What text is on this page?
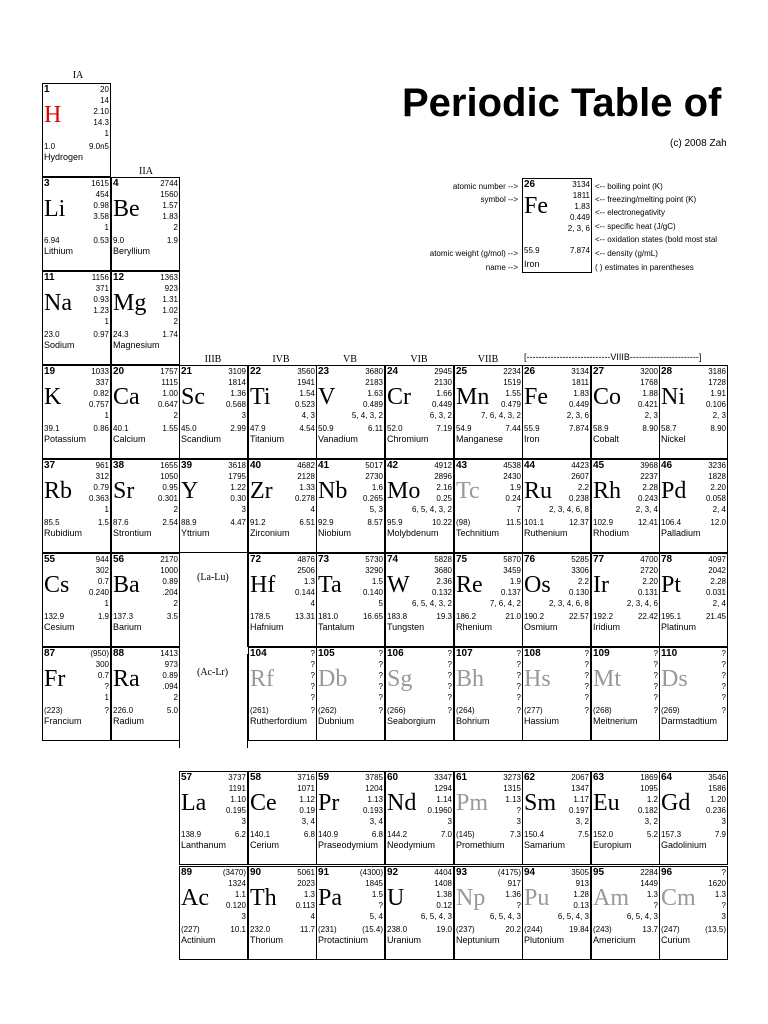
IA
IIA
IIIB	IVB	VB	VIB	VIIB	[----------------------------VIIIB-----------------------]
Periodic Table of
(c) 2008 Zah
atomic number -->
symbol -->
atomic weight (g/mol) -->
name -->
26	3134
Fe	1811
1.83
0.449
2, 3, 6
55.9	7.874
Iron
<-- boiling point (K)
<-- freezing/melting point (K)
<-- electronegativity
<-- specific heat (J/gC)
<-- oxidation states (bold most stal
<-- density (g/mL)
( ) estimates in parentheses
(La-Lu)
(Ac-Lr)
1	20
H
14
2.10
14.3
1
1.0	9.0n5
Hydrogen
3	1615
Li
454
0.98
3.58
1
6.94	0.53
Lithium
4	2744
Be
1560
1.57
1.83
2
9.0	1.9
Beryllium
11	1156
Na
371
0.93
1.23
1
23.0	0.97
Sodium
12	1363
Mg
923
1.31
1.02
2
24.3	1.74
Magnesium
19	1033
K
337
0.82
0.757
1
39.1	0.86
Potassium
20	1757
Ca
1115
1.00
0.647
2
40.1	1.55
Calcium
21	3109
Sc
1814
1.36
0.568
3
45.0	2.99
Scandium
22	3560
Ti
1941
1.54
0.523
4, 3
47.9	4.54
Titanium
23	3680
V
2183
1.63
0.489
5, 4, 3, 2
50.9	6.11
Vanadium
24	2945
Cr
2130
1.66
0.449
6, 3, 2
52.0	7.19
Chromium
25	2234
Mn
1519
1.55
0.479
7, 6, 4, 3, 2
54.9	7.44
Manganese
26	3134
Fe
1811
1.83
0.449
2, 3, 6
55.9	7.874
Iron
27	3200
Co
1768
1.88
0.421
2, 3
58.9	8.90
Cobalt
28	3186
Ni
1728
1.91
0.106
2, 3
58.7	8.90
Nickel
37	961
Rb
312
0.79
0.363
1
85.5	1.5
Rubidium
38	1655
Sr
1050
0.95
0.301
2
87.6	2.54
Strontium
39	3618
Y
1795
1.22
0.30
3
88.9	4.47
Yttrium
40	4682
Zr
2128
1.33
0.278
4
91.2	6.51
Zirconium
41	5017
Nb
2730
1.6
0.265
5, 3
92.9	8.57
Niobium
42	4912
Mo
2896
2.16
0.25
6, 5, 4, 3, 2
95.9	10.22
Molybdenum
43	4538
Tc
2430
1.9
0.24
7
(98)	11.5
Technitium
44	4423
Ru
2607
2.2
0.238
2, 3, 4, 6, 8
101.1	12.37
Ruthenium
45	3968
Rh
2237
2.28
0.243
2, 3, 4
102.9	12.41
Rhodium
46	3236
Pd
1828
2.20
0.058
2, 4
106.4	12.0
Palladium
55	944
Cs
302
0.7
0.240
1
132.9	1.9
Cesium
56	2170
Ba
1000
0.89
.204
2
137.3	3.5
Barium
72	4876
Hf
2506
1.3
0.144
4
178.5	13.31
Hafnium
73	5730
Ta
3290
1.5
0.140
5
181.0	16.65
Tantalum
74	5828
W
3680
2.36
0.132
6, 5, 4, 3, 2
183.8	19.3
Tungsten
75	5870
Re
3459
1.9
0.137
7, 6, 4, 2
186.2	21.0
Rhenium
76	5285
Os
3306
2.2
0.130
2, 3, 4, 6, 8
190.2	22.57
Osmium
77	4700
Ir
2720
2.20
0.131
2, 3, 4, 6
192.2	22.42
Iridium
78	4097
Pt
2042
2.28
0.031
2, 4
195.1	21.45
Platinum
87	(950)
Fr
300
0.7
?
1
(223)	?
Francium
88	1413
Ra
973
0.89
.094
2
226.0	5.0
Radium
104	?
Rf
?
?
?
?
(261)	?
Rutherfordium
105	?
Db
?
?
?
?
(262)	?
Dubnium
106	?
Sg
?
?
?
?
(266)	?
Seaborgium
107	?
Bh
?
?
?
?
(264)	?
Bohrium
108	?
Hs
?
?
?
?
(277)	?
Hassium
109	?
Mt
?
?
?
?
(268)	?
Meitnerium
110	?
Ds
?
?
?
?
(269)	?
Darmstadtium
57	3737
La
1191
1.10
0.195
3
138.9	6.2
Lanthanum
58	3716
Ce
1071
1.12
0.19
3, 4
140.1	6.8
Cerium
59	3785
Pr
1204
1.13
0.193
3, 4
140.9	6.8
Praseodymium
60	3347
Nd
1294
1.14
0.1960
3
144.2	7.0
Neodymium
61	3273
Pm
1315
1.13
?
3
(145)	7.3
Promethium
62	2067
Sm
1347
1.17
0.197
3, 2
150.4	7.5
Samarium
63	1869
Eu
1095
1.2
0.182
3, 2
152.0	5.2
Europium
64	3546
Gd
1586
1.20
0.236
3
157.3	7.9
Gadolinium
89	(3470)
Ac
1324
1.1
0.120
3
(227)	10.1
Actinium
90	5061
Th
2023
1.3
0.113
4
232.0	11.7
Thorium
91	(4300)
Pa
1845
1.5
?
5, 4
(231)	(15.4)
Protactinium
92	4404
U
1408
1.38
0.12
6, 5, 4, 3
238.0	19.0
Uranium
93	(4175)
Np
917
1.36
?
6, 5, 4, 3
(237)	20.2
Neptunium
94	3505
Pu
913
1.28
0.13
6, 5, 4, 3
(244)	19.84
Plutonium
95	2284
Am
1449
1.3
?
6, 5, 4, 3
(243)	13.7
Americium
96	?
Cm
1620
1.3
?
3
(247)	(13.5)
Curium
